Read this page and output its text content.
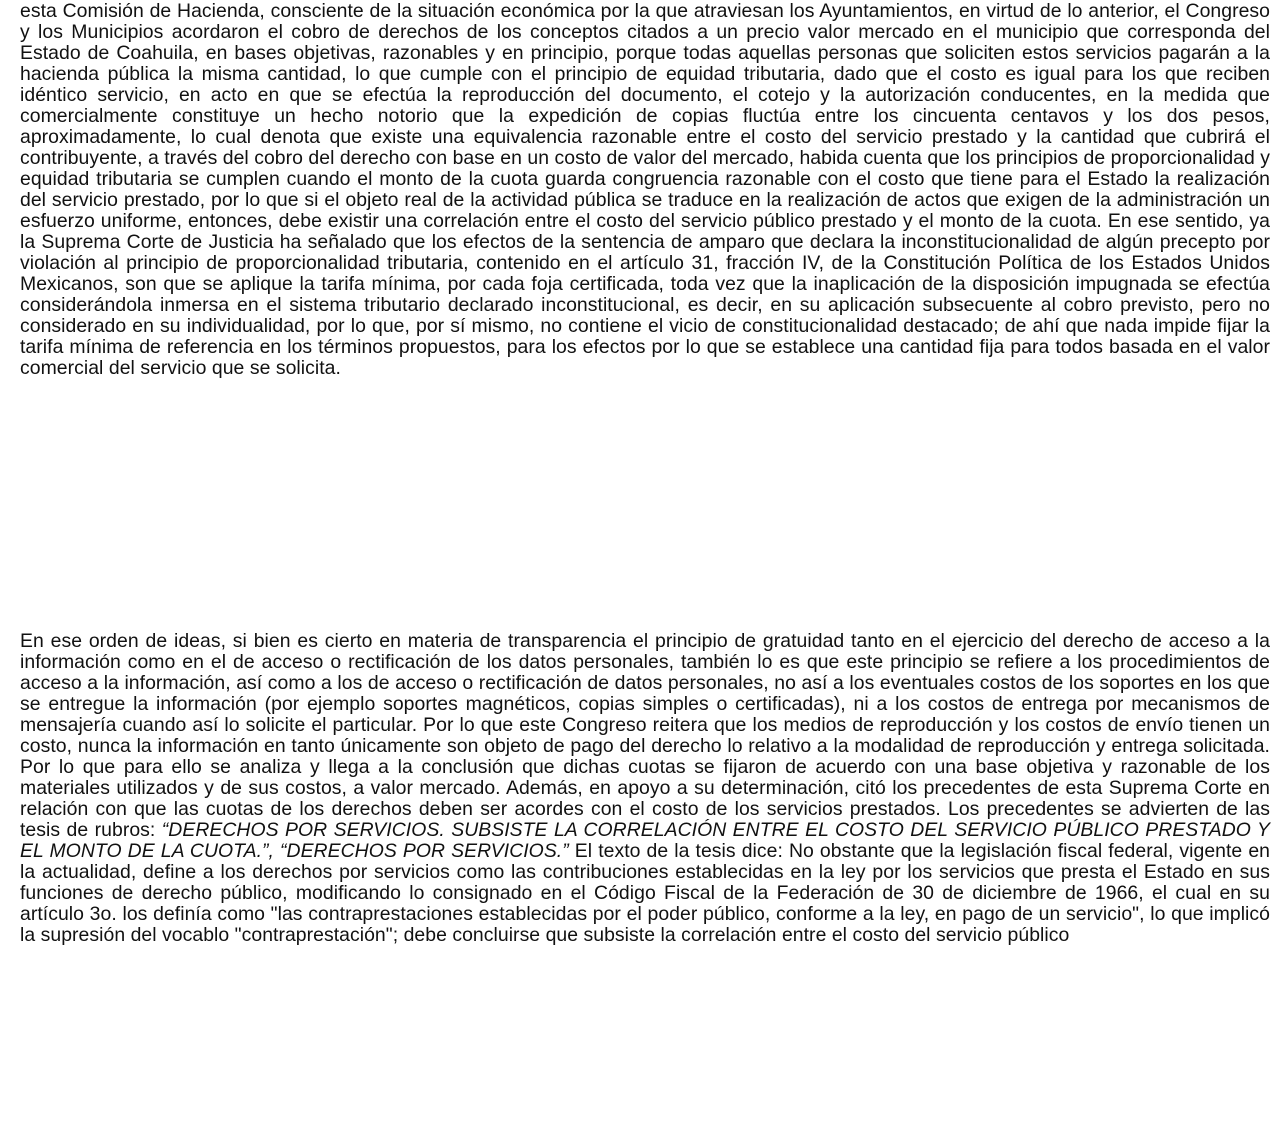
esta Comisión de Hacienda, consciente de la situación económica por la que atraviesan los Ayuntamientos, en virtud de lo anterior, el Congreso y los Municipios acordaron el cobro de derechos de los conceptos citados a un precio valor mercado en el municipio que corresponda del Estado de Coahuila, en bases objetivas, razonables y en principio, porque todas aquellas personas que soliciten estos servicios pagarán a la hacienda pública la misma cantidad, lo que cumple con el principio de equidad tributaria, dado que el costo es igual para los que reciben idéntico servicio, en acto en que se efectúa la reproducción del documento, el cotejo y la autorización conducentes, en la medida que comercialmente constituye un hecho notorio que la expedición de copias fluctúa entre los cincuenta centavos y los dos pesos, aproximadamente, lo cual denota que existe una equivalencia razonable entre el costo del servicio prestado y la cantidad que cubrirá el contribuyente, a través del cobro del derecho con base en un costo de valor del mercado, habida cuenta que los principios de proporcionalidad y equidad tributaria se cumplen cuando el monto de la cuota guarda congruencia razonable con el costo que tiene para el Estado la realización del servicio prestado, por lo que si el objeto real de la actividad pública se traduce en la realización de actos que exigen de la administración un esfuerzo uniforme, entonces, debe existir una correlación entre el costo del servicio público prestado y el monto de la cuota. En ese sentido, ya la Suprema Corte de Justicia ha señalado que los efectos de la sentencia de amparo que declara la inconstitucionalidad de algún precepto por violación al principio de proporcionalidad tributaria, contenido en el artículo 31, fracción IV, de la Constitución Política de los Estados Unidos Mexicanos, son que se aplique la tarifa mínima, por cada foja certificada, toda vez que la inaplicación de la disposición impugnada se efectúa considerándola inmersa en el sistema tributario declarado inconstitucional, es decir, en su aplicación subsecuente al cobro previsto, pero no considerado en su individualidad, por lo que, por sí mismo, no contiene el vicio de constitucionalidad destacado; de ahí que nada impide fijar la tarifa mínima de referencia en los términos propuestos, para los efectos por lo que se establece una cantidad fija para todos basada en el valor comercial del servicio que se solicita.

En ese orden de ideas, si bien es cierto en materia de transparencia el principio de gratuidad tanto en el ejercicio del derecho de acceso a la información como en el de acceso o rectificación de los datos personales, también lo es que este principio se refiere a los procedimientos de acceso a la información, así como a los de acceso o rectificación de datos personales, no así a los eventuales costos de los soportes en los que se entregue la información (por ejemplo soportes magnéticos, copias simples o certificadas), ni a los costos de entrega por mecanismos de mensajería cuando así lo solicite el particular. Por lo que este Congreso reitera que los medios de reproducción y los costos de envío tienen un costo, nunca la información en tanto únicamente son objeto de pago del derecho lo relativo a la modalidad de reproducción y entrega solicitada. Por lo que para ello se analiza y llega a la conclusión que dichas cuotas se fijaron de acuerdo con una base objetiva y razonable de los materiales utilizados y de sus costos, a valor mercado. Además, en apoyo a su determinación, citó los precedentes de esta Suprema Corte en relación con que las cuotas de los derechos deben ser acordes con el costo de los servicios prestados. Los precedentes se advierten de las tesis de rubros: “DERECHOS POR SERVICIOS. SUBSISTE LA CORRELACIÓN ENTRE EL COSTO DEL SERVICIO PÚBLICO PRESTADO Y EL MONTO DE LA CUOTA.”, “DERECHOS POR SERVICIOS.” El texto de la tesis dice: No obstante que la legislación fiscal federal, vigente en la actualidad, define a los derechos por servicios como las contribuciones establecidas en la ley por los servicios que presta el Estado en sus funciones de derecho público, modificando lo consignado en el Código Fiscal de la Federación de 30 de diciembre de 1966, el cual en su artículo 3o. los definía como "las contraprestaciones establecidas por el poder público, conforme a la ley, en pago de un servicio", lo que implicó la supresión del vocablo "contraprestación"; debe concluirse que subsiste la correlación entre el costo del servicio público
